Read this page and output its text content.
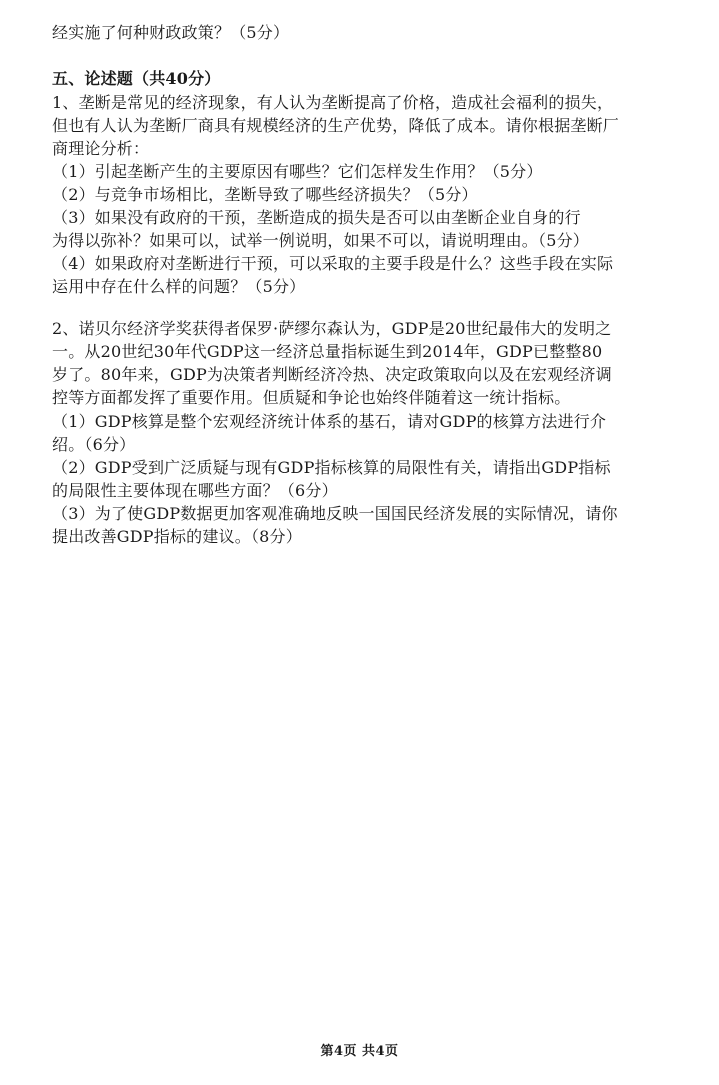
经实施了何种财政政策？（5分）
五、论述题（共40分）
1、垄断是常见的经济现象，有人认为垄断提高了价格，造成社会福利的损失，
但也有人认为垄断厂商具有规模经济的生产优势，降低了成本。请你根据垄断厂
商理论分析：
（1）引起垄断产生的主要原因有哪些？它们怎样发生作用？（5分）
（2）与竞争市场相比，垄断导致了哪些经济损失？（5分）
（3）如果没有政府的干预，垄断造成的损失是否可以由垄断企业自身的行
为得以弥补？如果可以，试举一例说明，如果不可以，请说明理由。（5分）
（4）如果政府对垄断进行干预，可以采取的主要手段是什么？这些手段在实际
运用中存在什么样的问题？（5分）
2、诺贝尔经济学奖获得者保罗·萨缪尔森认为，GDP是20世纪最伟大的发明之
一。从20世纪30年代GDP这一经济总量指标诞生到2014年，GDP已整整80
岁了。80年来，GDP为决策者判断经济冷热、决定政策取向以及在宏观经济调
控等方面都发挥了重要作用。但质疑和争论也始终伴随着这一统计指标。
（1）GDP核算是整个宏观经济统计体系的基石，请对GDP的核算方法进行介
绍。（6分）
（2）GDP受到广泛质疑与现有GDP指标核算的局限性有关，请指出GDP指标
的局限性主要体现在哪些方面？（6分）
（3）为了使GDP数据更加客观准确地反映一国国民经济发展的实际情况，请你
提出改善GDP指标的建议。（8分）
第4页 共4页
